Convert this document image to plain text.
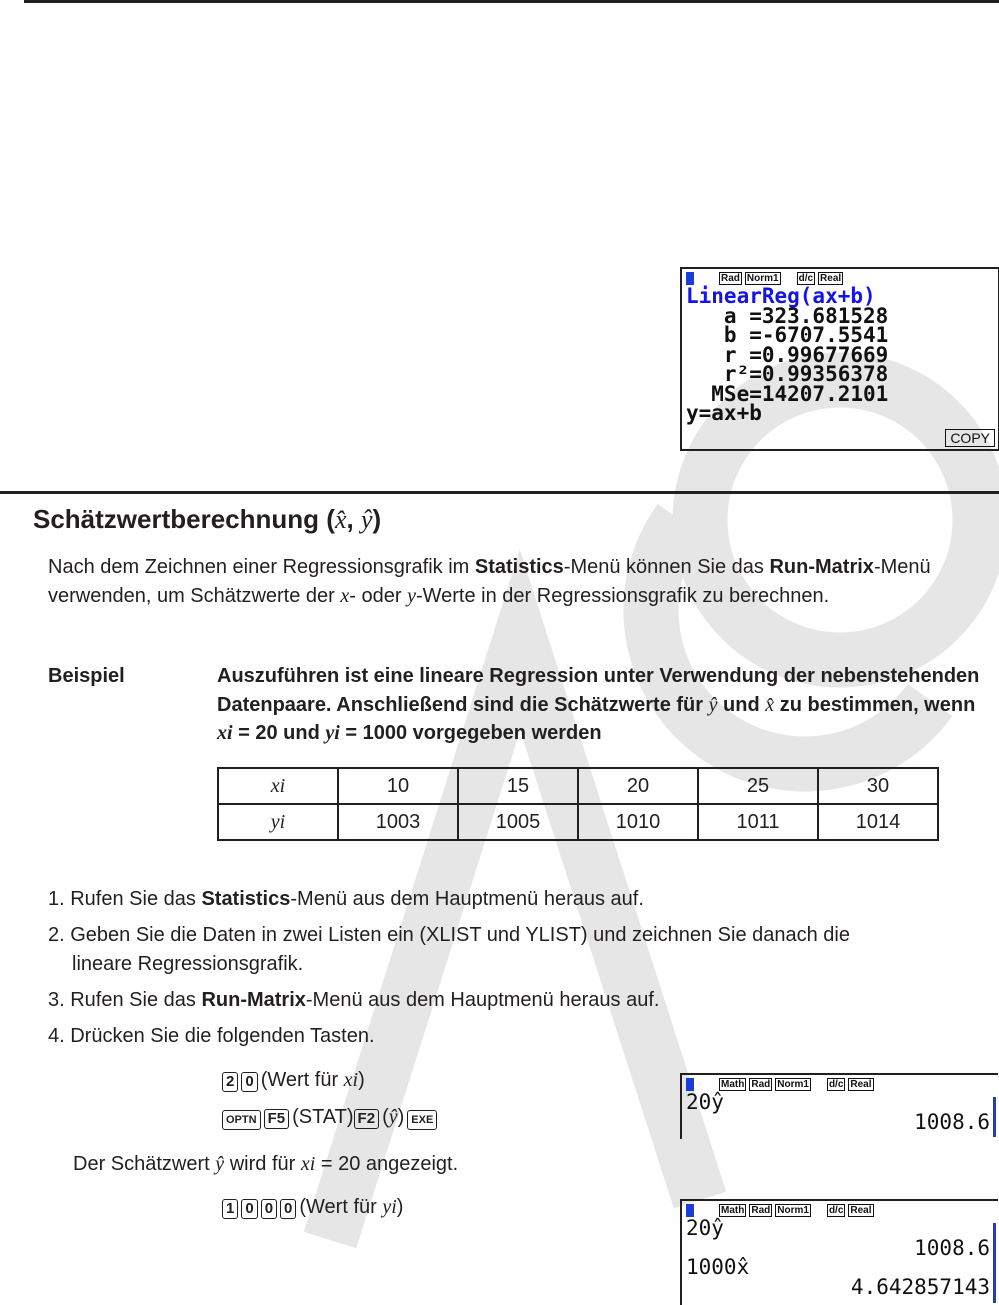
Rad Norm1 d/c Real
LinearReg(ax+b)
a =323.681528
b =-6707.5541
r =0.99677669
r²=0.99356378
MSe=14207.2101
y=ax+b
COPY
Schätzwertberechnung (x̂, ŷ)
Nach dem Zeichnen einer Regressionsgrafik im Statistics-Menü können Sie das Run-Matrix-Menü verwenden, um Schätzwerte der x- oder y-Werte in der Regressionsgrafik zu berechnen.
Beispiel	Auszuführen ist eine lineare Regression unter Verwendung der nebenstehenden Datenpaare. Anschließend sind die Schätzwerte für ŷ und x̂ zu bestimmen, wenn xi = 20 und yi = 1000 vorgegeben werden
xi	10	15	20	25	30
yi	1003	1005	1010	1011	1014
1. Rufen Sie das Statistics-Menü aus dem Hauptmenü heraus auf.
2. Geben Sie die Daten in zwei Listen ein (XLIST und YLIST) und zeichnen Sie danach die
lineare Regressionsgrafik.
3. Rufen Sie das Run-Matrix-Menü aus dem Hauptmenü heraus auf.
4. Drücken Sie die folgenden Tasten.
2 0 (Wert für xi)
OPTN F5 (STAT) F2 (ŷ) EXE
Der Schätzwert ŷ wird für xi = 20 angezeigt.
1 0 0 0 (Wert für yi)
Math Rad Norm1 d/c Real
20ŷ
1008.6
Math Rad Norm1 d/c Real
20ŷ
1008.6
1000x̂
4.642857143
